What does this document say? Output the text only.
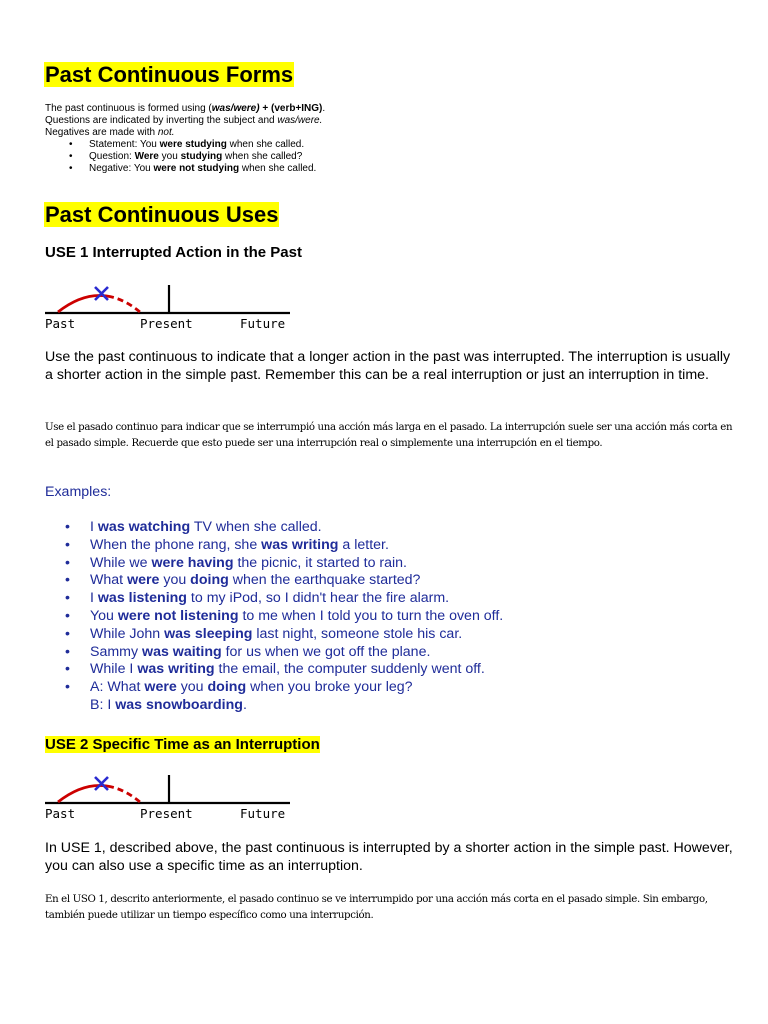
Past Continuous Forms
The past continuous is formed using (was/were) + (verb+ING).
Questions are indicated by inverting the subject and was/were.
Negatives are made with not.
• Statement: You were studying when she called.
• Question: Were you studying when she called?
• Negative: You were not studying when she called.
Past Continuous Uses
USE 1 Interrupted Action in the Past
Past	Present	Future
Use the past continuous to indicate that a longer action in the past was interrupted. The interruption is usually a shorter action in the simple past. Remember this can be a real interruption or just an interruption in time.
Use el pasado continuo para indicar que se interrumpió una acción más larga en el pasado. La interrupción suele ser una acción más corta en el pasado simple. Recuerde que esto puede ser una interrupción real o simplemente una interrupción en el tiempo.
Examples:
• I was watching TV when she called.
• When the phone rang, she was writing a letter.
• While we were having the picnic, it started to rain.
• What were you doing when the earthquake started?
• I was listening to my iPod, so I didn't hear the fire alarm.
• You were not listening to me when I told you to turn the oven off.
• While John was sleeping last night, someone stole his car.
• Sammy was waiting for us when we got off the plane.
• While I was writing the email, the computer suddenly went off.
• A: What were you doing when you broke your leg?
B: I was snowboarding.
USE 2 Specific Time as an Interruption
Past	Present	Future
In USE 1, described above, the past continuous is interrupted by a shorter action in the simple past. However, you can also use a specific time as an interruption.
En el USO 1, descrito anteriormente, el pasado continuo se ve interrumpido por una acción más corta en el pasado simple. Sin embargo, también puede utilizar un tiempo específico como una interrupción.
